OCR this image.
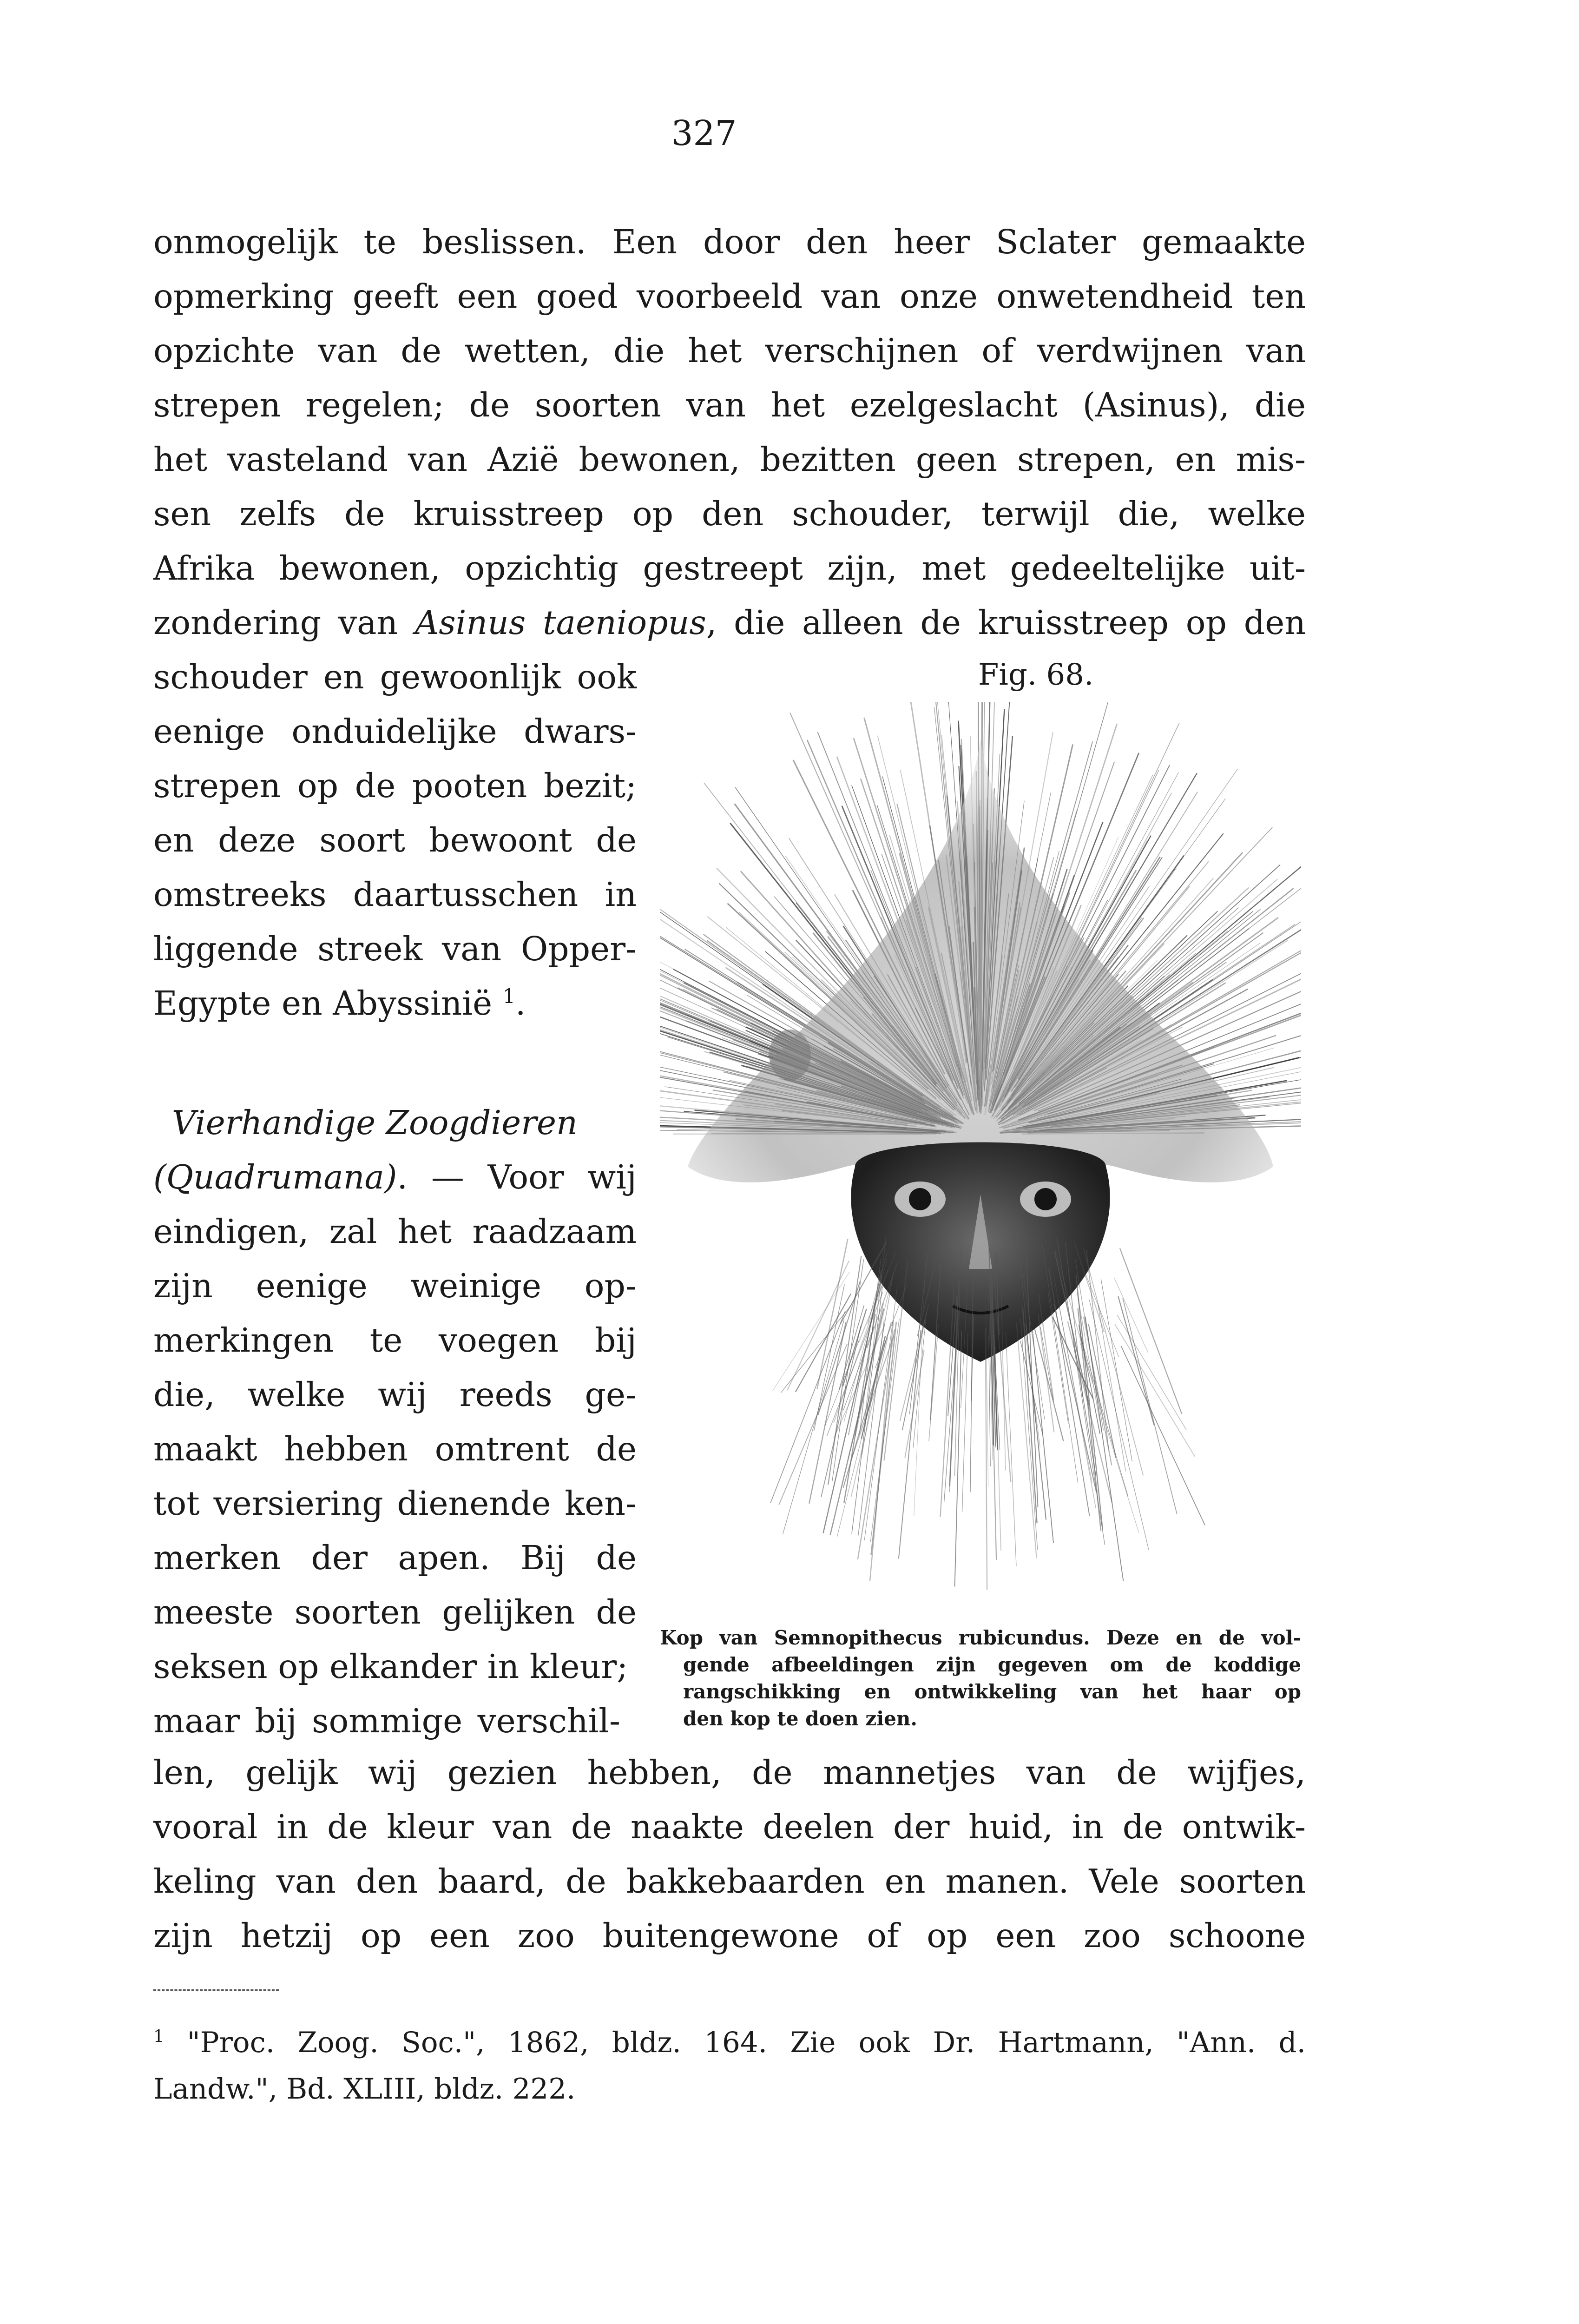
327
onmogelijk te beslissen. Een door den heer Sclater gemaakte
opmerking geeft een goed voorbeeld van onze onwetendheid ten
opzichte van de wetten, die het verschijnen of verdwijnen van
strepen regelen; de soorten van het ezelgeslacht (Asinus), die
het vasteland van Azië bewonen, bezitten geen strepen, en mis-
sen zelfs de kruisstreep op den schouder, terwijl die, welke
Afrika bewonen, opzichtig gestreept zijn, met gedeeltelijke uit-
zondering van Asinus taeniopus, die alleen de kruisstreep op den
schouder en gewoonlijk ook
eenige onduidelijke dwars-
strepen op de pooten bezit;
en deze soort bewoont de
omstreeks daartusschen in
liggende streek van Opper-
Egypte en Abyssinië $^1$.
Vierhandige Zoogdieren
(Quadrumana). — Voor wij
eindigen, zal het raadzaam
zijn eenige weinige op-
merkingen te voegen bij
die, welke wij reeds ge-
maakt hebben omtrent de
tot versiering dienende ken-
merken der apen. Bij de
meeste soorten gelijken de
seksen op elkander in kleur;
maar bij sommige verschil-
len, gelijk wij gezien hebben, de mannetjes van de wijfjes,
vooral in de kleur van de naakte deelen der huid, in de ontwik-
keling van den baard, de bakkebaarden en manen. Vele soorten
zijn hetzij op een zoo buitengewone of op een zoo schoone
Fig. 68.
Kop van Semnopithecus rubicundus. Deze en de vol-
gende afbeeldingen zijn gegeven om de koddige
rangschikking en ontwikkeling van het haar op
den kop te doen zien.
$^1$ "Proc. Zoog. Soc.", 1862, bldz. 164. Zie ook Dr. Hartmann, "Ann. d.
Landw.", Bd. XLIII, bldz. 222.
